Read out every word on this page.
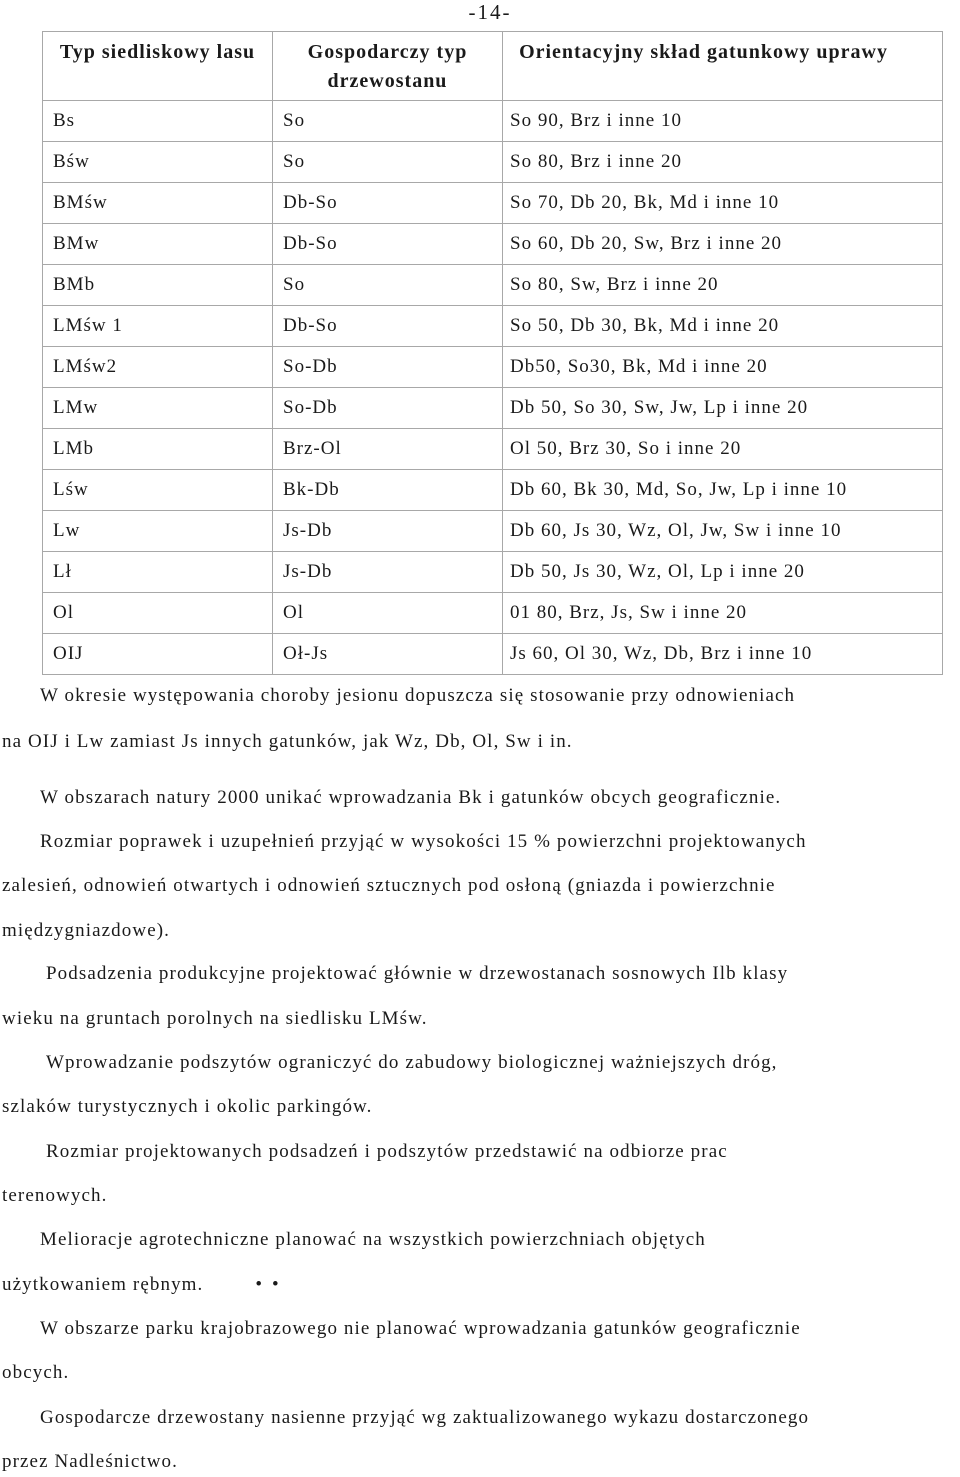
-14-
Typ siedliskowy lasu	Gospodarczy typ drzewostanu	Orientacyjny skład gatunkowy uprawy
Bs	So	So 90, Brz i inne 10
Bśw	So	So 80, Brz i inne 20
BMśw	Db-So	So 70, Db 20, Bk, Md i inne 10
BMw	Db-So	So 60, Db 20, Sw, Brz i inne 20
BMb	So	So 80, Sw, Brz i inne 20
LMśw 1	Db-So	So 50, Db 30, Bk, Md i inne 20
LMśw2	So-Db	Db50, So30, Bk, Md i inne 20
LMw	So-Db	Db 50, So 30, Sw, Jw, Lp i inne 20
LMb	Brz-Ol	Ol 50, Brz 30, So i inne 20
Lśw	Bk-Db	Db 60, Bk 30, Md, So, Jw, Lp i inne 10
Lw	Js-Db	Db 60, Js 30, Wz, Ol, Jw, Sw i inne 10
Lł	Js-Db	Db 50, Js 30, Wz, Ol, Lp i inne 20
Ol	Ol	01 80, Brz, Js, Sw i inne 20
OIJ	Oł-Js	Js 60, Ol 30, Wz, Db, Brz i inne 10

W okresie występowania choroby jesionu dopuszcza się stosowanie przy odnowieniach

na OIJ i Lw zamiast Js innych gatunków, jak Wz, Db, Ol, Sw i in.

W obszarach natury 2000 unikać wprowadzania Bk i gatunków obcych geograficznie.

Rozmiar poprawek i uzupełnień przyjąć w wysokości 15 % powierzchni projektowanych

zalesień, odnowień otwartych i odnowień sztucznych pod osłoną (gniazda i powierzchnie

międzygniazdowe).

Podsadzenia produkcyjne projektować głównie w drzewostanach sosnowych Ilb klasy

wieku na gruntach porolnych na siedlisku LMśw.

Wprowadzanie podszytów ograniczyć do zabudowy biologicznej ważniejszych dróg,

szlaków turystycznych i okolic parkingów.

Rozmiar projektowanych podsadzeń i podszytów przedstawić na odbiorze prac

terenowych.

Melioracje agrotechniczne planować na wszystkich powierzchniach objętych

użytkowaniem rębnym.	••

W obszarze parku krajobrazowego nie planować wprowadzania gatunków geograficznie

obcych.

Gospodarcze drzewostany nasienne przyjąć wg zaktualizowanego wykazu dostarczonego

przez Nadleśnictwo.
